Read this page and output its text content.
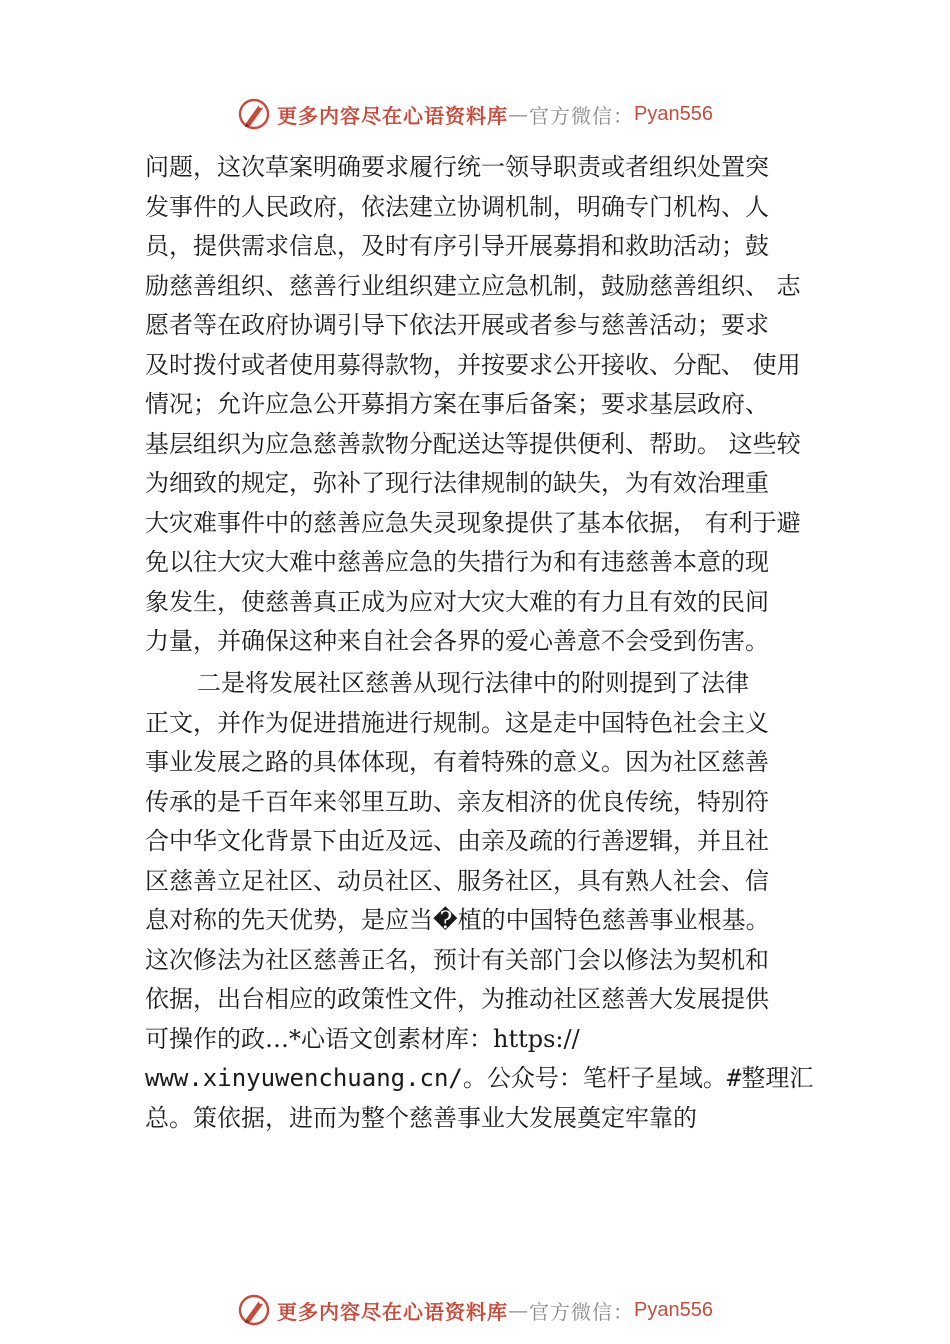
更多内容尽在心语资料库 — 官方微信： Pyan556
问题，这次草案明确要求履行统一领导职责或者组织处置突
发事件的人民政府，依法建立协调机制，明确专门机构、人
员，提供需求信息，及时有序引导开展募捐和救助活动；鼓
励慈善组织、慈善行业组织建立应急机制，鼓励慈善组织、 志
愿者等在政府协调引导下依法开展或者参与慈善活动；要求
及时拨付或者使用募得款物，并按要求公开接收、分配、 使用
情况；允许应急公开募捐方案在事后备案；要求基层政府、
基层组织为应急慈善款物分配送达等提供便利、帮助。 这些较
为细致的规定，弥补了现行法律规制的缺失，为有效治理重
大灾难事件中的慈善应急失灵现象提供了基本依据， 有利于避
免以往大灾大难中慈善应急的失措行为和有违慈善本意的现
象发生，使慈善真正成为应对大灾大难的有力且有效的民间
力量，并确保这种来自社会各界的爱心善意不会受到伤害。
二是将发展社区慈善从现行法律中的附则提到了法律
正文，并作为促进措施进行规制。这是走中国特色社会主义
事业发展之路的具体体现，有着特殊的意义。因为社区慈善
传承的是千百年来邻里互助、亲友相济的优良传统，特别符
合中华文化背景下由近及远、由亲及疏的行善逻辑，并且社
区慈善立足社区、动员社区、服务社区，具有熟人社会、信
息对称的先天优势，是应当�植的中国特色慈善事业根基。
这次修法为社区慈善正名，预计有关部门会以修法为契机和
依据，出台相应的政策性文件，为推动社区慈善大发展提供
可操作的政…*心语文创素材库：https://
www.xinyuwenchuang.cn/。公众号：笔杆子星域。#整理汇
总。策依据，进而为整个慈善事业大发展奠定牢靠的
更多内容尽在心语资料库 — 官方微信： Pyan556
